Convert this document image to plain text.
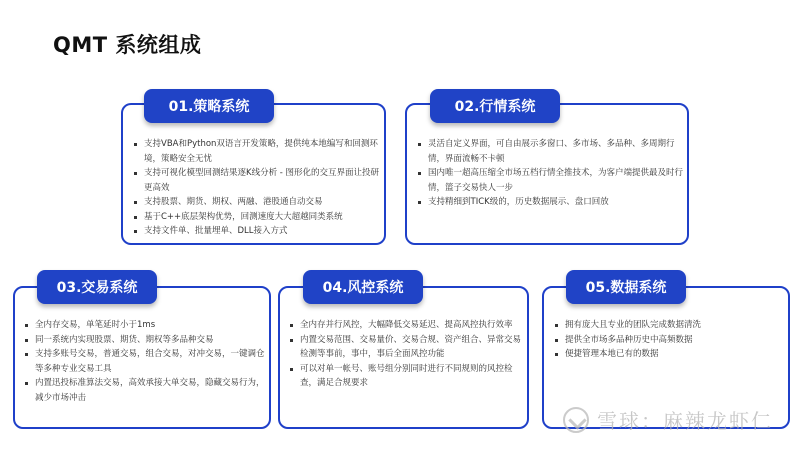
QMT 系统组成
01.策略系统
支持VBA和Python双语言开发策略，提供纯本地编写和回测环境，策略安全无忧
支持可视化模型回测结果逐K线分析 - 图形化的交互界面让投研更高效
支持股票、期货、期权、两融、港股通自动交易
基于C++底层架构优势，回测速度大大超越同类系统
支持文件单、批量埋单、DLL接入方式
02.行情系统
灵活自定义界面，可自由展示多窗口、多市场、多品种、多周期行情，界面流畅不卡顿
国内唯一超高压缩全市场五档行情全推技术，为客户端提供最及时行情，篮子交易快人一步
支持精细到TICK级的，历史数据展示、盘口回放
03.交易系统
全内存交易，单笔延时小于1ms
同一系统内实现股票、期货、期权等多品种交易
支持多账号交易，普通交易，组合交易，对冲交易，一键调仓等多种专业交易工具
内置迅投标准算法交易，高效承接大单交易，隐藏交易行为，减少市场冲击
04.风控系统
全内存并行风控，大幅降低交易延迟、提高风控执行效率
内置交易范围、交易量价、交易合规、资产组合、异常交易检测等事前，事中，事后全面风控功能
可以对单一帐号、账号组分别同时进行不同规则的风控检查，满足合规要求
05.数据系统
拥有庞大且专业的团队完成数据清洗
提供全市场多品种历史中高频数据
便捷管理本地已有的数据
雪球：麻辣龙虾仁
